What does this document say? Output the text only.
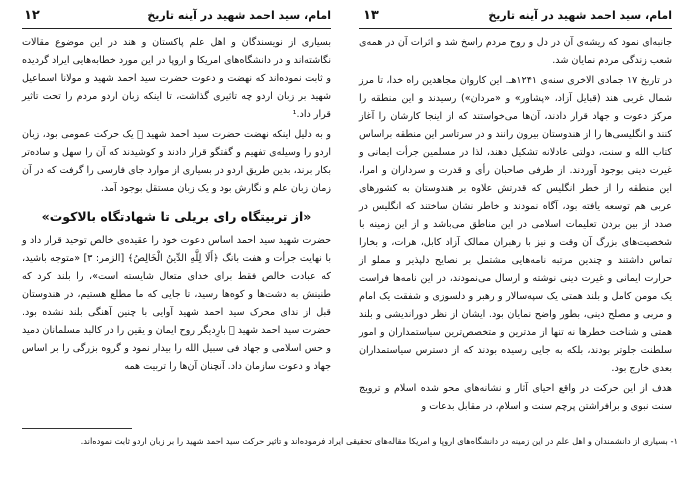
امام، سید احمد شهید در آینه تاریخ
۱۲

بسیاری از نویسندگان و اهل علم پاکستان و هند در این موضوع مقالات نگاشته‌اند و در دانشگاه‌های امریکا و اروپا در این مورد خطابه‌هایی ایراد گردیده و ثابت نموده‌اند که نهضت و دعوت حضرت سید احمد شهید و مولانا اسماعیل شهید بر زبان اردو چه تاثیری گذاشت، تا اینکه زبان اردو مردم را تحت تاثیر قرار داد.¹

و به دلیل اینکه نهضت حضرت سید احمد شهید ﷬ یک حرکت عمومی بود، زبان اردو را وسیله‌ی تفهیم و گفتگو قرار دادند و کوشیدند که آن را سهل و ساده‌تر بکار برند، بدین طریق اردو در بسیاری از موارد جای فارسی را گرفت که در آن زمان زبان علم و نگارش بود و یک زبان مستقل بوجود آمد.

«از تربیتگاه رای بریلی تا شهادتگاه بالاکوت»

حضرت شهید سید احمد اساس دعوت خود را عقیده‌ی خالص توحید قرار داد و با نهایت جرأت و هفت بانگ ﴿أَلَا لِلَّهِ الدِّينُ الْخَالِصُ﴾ [الزمر: ۳] «متوجه باشید، که عبادت خالص فقط برای خدای متعال شایسته است»، را بلند کرد که طنینش به دشت‌ها و کوه‌ها رسید، تا جایی که ما مطلع هستیم، در هندوستان قبل از ندای محرک سید احمد شهید آوایی با چنین آهنگی بلند نشده بود. حضرت سید احمد شهید ﷬ بارِدیگر روح ایمان و یقین را در کالبد مسلمانان دمید و حس اسلامی و جهاد فی سبیل الله را بیدار نمود و گروه بزرگی را بر اساس جهاد و دعوت سازمان داد. آنچنان آن‌ها را تربیت همه

۱- بسیاری از دانشمندان و اهل علم در این زمینه در دانشگاه‌های اروپا و امریکا مقاله‌های تحقیقی ایراد فرموده‌اند و تاثیر حرکت سید احمد شهید را بر زبان اردو ثابت نموده‌اند.
امام، سید احمد شهید در آینه تاریخ
۱۳

جانبه‌ای نمود که ریشه‌ی آن در دل و روح مردم راسخ شد و اثرات آن در همه‌ی شعب زندگی مردم نمایان شد.

در تاریخ ۱۷ جمادی الاخری سنه‌ی ۱۲۴۱هـ. این کاروان مجاهدین راه خدا، تا مرز شمال غربی هند (قبایل آزاد، «پشاور» و «مردان») رسیدند و این منطقه را مرکز دعوت و جهاد قرار دادند، آن‌ها می‌خواستند که از اینجا کارشان را آغاز کنند و انگلیسی‌ها را از هندوستان بیرون رانند و در سرتاسر این منطقه براساس کتاب الله و سنت، دولتی عادلانه تشکیل دهند، لذا در مسلمین جرأت ایمانی و غیرت دینی بوجود آوردند. از طرفی صاحبان رأی و قدرت و سرداران و امرا، این منطقه را از خطر انگلیس که قدرتش علاوه بر هندوستان به کشورهای عربی هم توسعه یافته بود، آگاه نمودند و خاطر نشان ساختند که انگلیس در صدد از بین بردن تعلیمات اسلامی در این مناطق می‌باشد و از این زمینه با شخصیت‌های بزرگ آن وقت و نیز با رهبران ممالک آزاد کابل، هرات، و بخارا تماس داشتند و چندین مرتبه نامه‌هایی مشتمل بر نصایح دلپذیر و مملو از حرارت ایمانی و غیرت دینی نوشته و ارسال می‌نمودند، در این نامه‌ها فراست یک مومن کامل و بلند همتی یک سپه‌سالار و رهبر و دلسوزی و شفقت یک امام و مربی و مصلح دینی، بطور واضح نمایان بود. ایشان از نظر دوراندیشی و بلند همتی و شناخت خطرها نه تنها از مدترین و متخصص‌ترین سیاستمداران و امور سلطنت جلوتر بودند، بلکه به جایی رسیده بودند که از دسترس سیاستمداران بعدی خارج بود.

هدف از این حرکت در واقع احیای آثار و نشانه‌های محو شده اسلام و ترویج سنت نبوی و برافراشتن پرچم سنت و اسلام، در مقابل بدعات و
